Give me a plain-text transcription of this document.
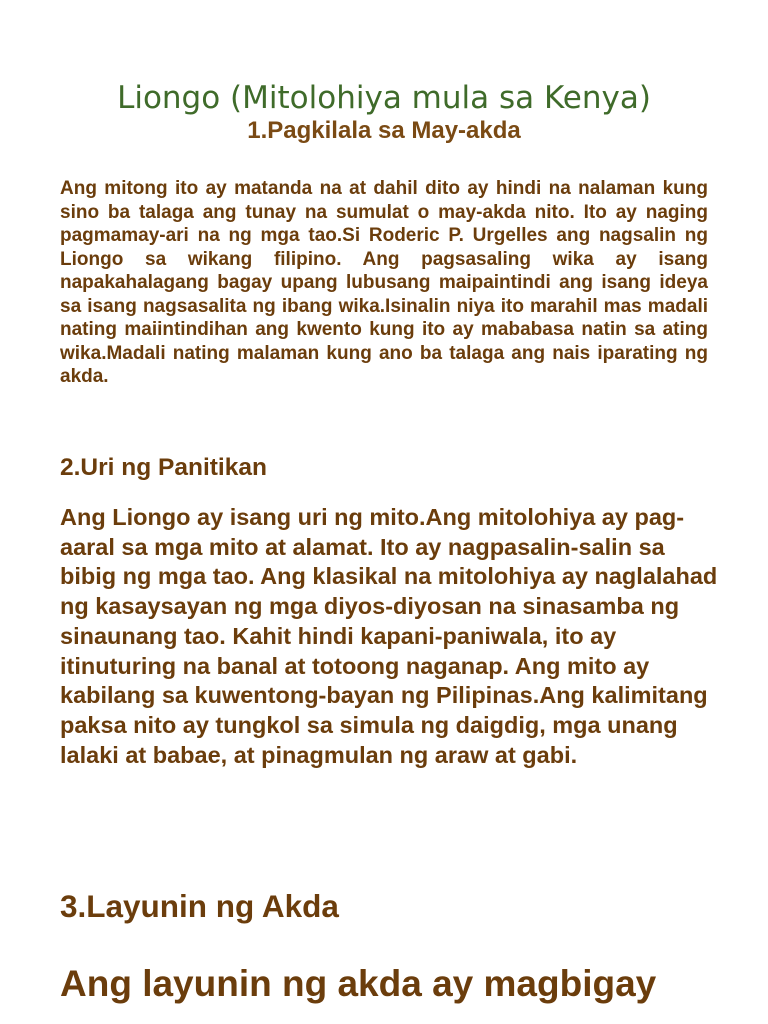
Liongo (Mitolohiya mula sa Kenya)
1.Pagkilala sa May-akda
Ang mitong ito ay matanda na at dahil dito ay hindi na nalaman kung sino ba talaga ang tunay na sumulat o may-akda nito. Ito ay naging pagmamay-ari na ng mga tao.Si Roderic P. Urgelles ang nagsalin ng Liongo sa wikang filipino. Ang pagsasaling wika ay isang napakahalagang bagay upang lubusang maipaintindi ang isang ideya sa isang nagsasalita ng ibang wika.Isinalin niya ito marahil mas madali nating maiintindihan ang kwento kung ito ay mababasa natin sa ating wika.Madali nating malaman kung ano ba talaga ang nais iparating ng akda.
2.Uri ng Panitikan
Ang Liongo ay isang uri ng mito.Ang mitolohiya ay pag-aaral sa mga mito at alamat. Ito ay nagpasalin-salin sa bibig ng mga tao. Ang klasikal na mitolohiya ay naglalahad ng kasaysayan ng mga diyos-diyosan na sinasamba ng sinaunang tao. Kahit hindi kapani-paniwala, ito ay itinuturing na banal at totoong naganap. Ang mito ay kabilang sa kuwentong-bayan ng Pilipinas.Ang kalimitang paksa nito ay tungkol sa simula ng daigdig, mga unang lalaki at babae, at pinagmulan ng araw at gabi.
3.Layunin ng Akda
Ang layunin ng akda ay magbigay
